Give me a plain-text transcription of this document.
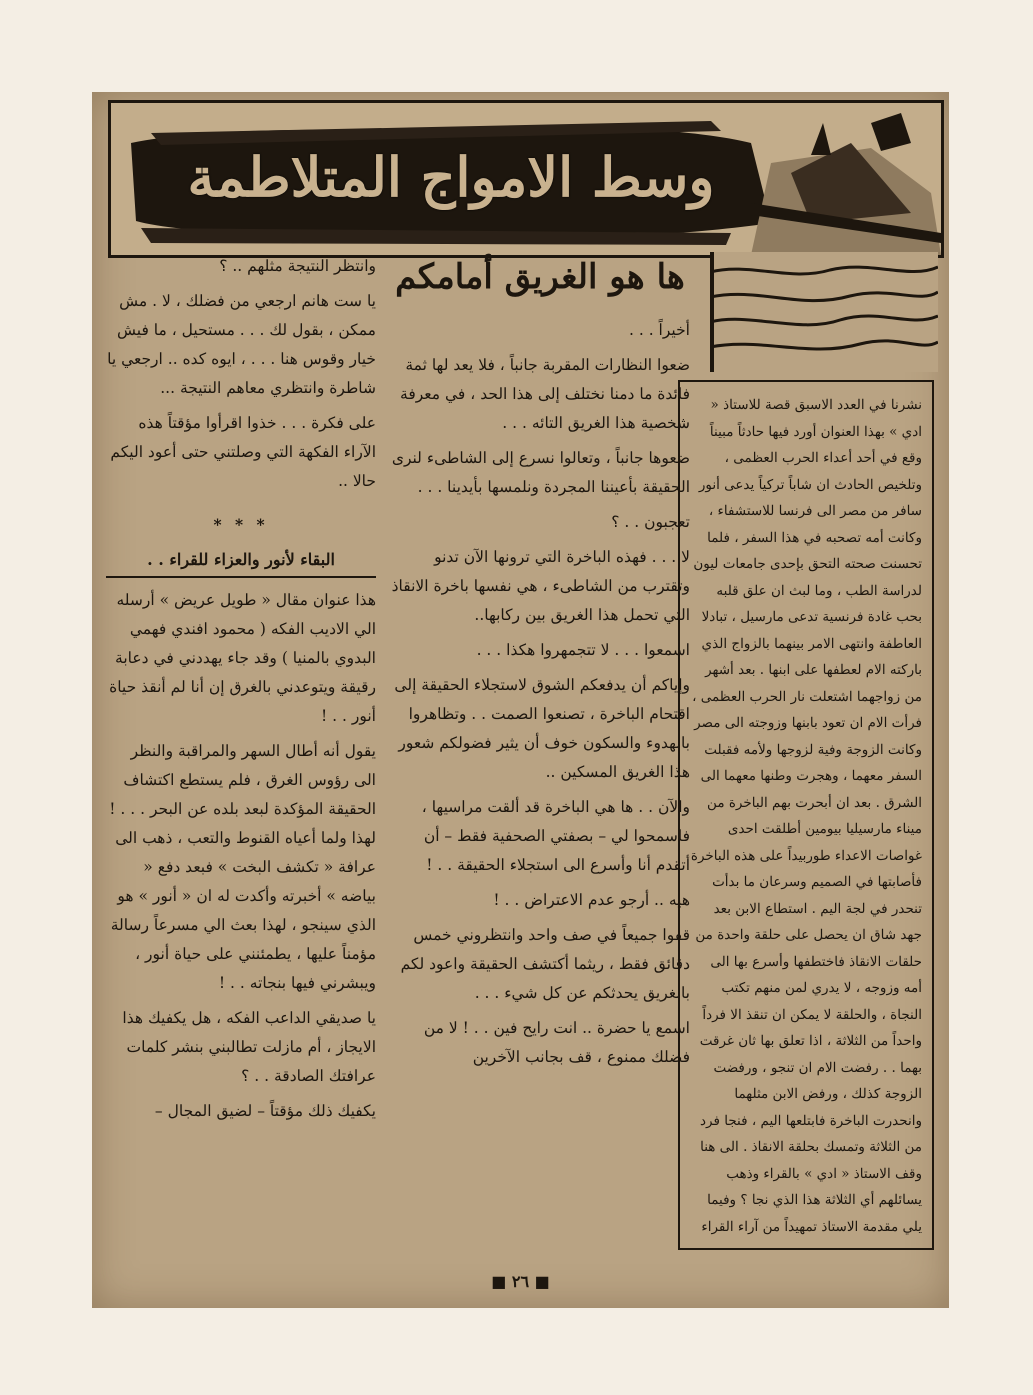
وسط الامواج المتلاطمة
ها هو الغريق أمامكم

أخيراً . . .

ضعوا النظارات المقربة جانباً ، فلا يعد لها ثمة فائدة ما دمنا نختلف إلى هذا الحد ، في معرفة شخصية هذا الغريق التائه . . .

ضعوها جانباً ، وتعالوا نسرع إلى الشاطىء لنرى الحقيقة بأعيننا المجردة ونلمسها بأيدينا . . .

تعجبون . . ؟

لا . . . فهذه الباخرة التي ترونها الآن تدنو وتقترب من الشاطىء ، هي نفسها باخرة الانقاذ التي تحمل هذا الغريق بين ركابها..

اسمعوا . . . لا تتجمهروا هكذا . . .

وإياكم أن يدفعكم الشوق لاستجلاء الحقيقة إلى اقتحام الباخرة ، تصنعوا الصمت . . وتظاهروا بالهدوء والسكون خوف أن يثير فضولكم شعور هذا الغريق المسكين ..

والآن . . ها هي الباخرة قد ألقت مراسيها ، فاسمحوا لي – بصفتي الصحفية فقط – أن أتقدم أنا وأسرع الى استجلاء الحقيقة . . !

هيه .. أرجو عدم الاعتراض . . !

قفوا جميعاً في صف واحد وانتظروني خمس دقائق فقط ، ريثما أكتشف الحقيقة واعود لكم بالغريق يحدثكم عن كل شيء . . .

اسمع يا حضرة .. انت رايح فين . . ! لا من فضلك ممنوع ، قف بجانب الآخرين

وانتظر النتيجة مثلهم .. ؟

يا ست هانم ارجعي من فضلك ، لا . مش ممكن ، بقول لك . . . مستحيل ، ما فيش خيار وقوس هنا . . . ، ايوه كده .. ارجعي يا شاطرة وانتظري معاهم النتيجة ...

على فكرة . . . خذوا اقرأوا مؤقتاً هذه الآراء الفكهة التي وصلتني حتى أعود اليكم حالا ..

* * *
البقاء لأنور والعزاء للقراء . .

هذا عنوان مقال « طويل عريض » أرسله الي الاديب الفكه ( محمود افندي فهمي البدوي بالمنيا ) وقد جاء يهددني في دعابة رقيقة ويتوعدني بالغرق إن أنا لم أنقذ حياة أنور . . !

يقول أنه أطال السهر والمراقبة والنظر الى رؤوس الغرق ، فلم يستطع اكتشاف الحقيقة المؤكدة لبعد بلده عن البحر . . . ! لهذا ولما أعياه القنوط والتعب ، ذهب الى عرافة « تكشف البخت » فبعد دفع « بياضه » أخبرته وأكدت له ان « أنور » هو الذي سينجو ، لهذا بعث الي مسرعاً رسالة مؤمناً عليها ، يطمئنني على حياة أنور ، ويبشرني فيها بنجاته . . !

يا صديقي الداعب الفكه ، هل يكفيك هذا الايجاز ، أم مازلت تطالبني بنشر كلمات عرافتك الصادقة . . ؟

يكفيك ذلك مؤقتاً – لضيق المجال –

نشرنا في العدد الاسبق قصة للاستاذ « ادي » بهذا العنوان أورد فيها حادثاً مبيناً وقع في أحد أعداء الحرب العظمى ، وتلخيص الحادث ان شاباً تركياً يدعى أنور سافر من مصر الى فرنسا للاستشفاء ، وكانت أمه تصحبه في هذا السفر ، فلما تحسنت صحته التحق بإحدى جامعات ليون لدراسة الطب ، وما لبث ان علق قلبه بحب غادة فرنسية تدعى مارسيل ، تبادلا العاطفة وانتهى الامر بينهما بالزواج الذي باركته الام لعطفها على ابنها . بعد أشهر من زواجهما اشتعلت نار الحرب العظمى ، فرأت الام ان تعود بابنها وزوجته الى مصر وكانت الزوجة وفية لزوجها ولأمه فقبلت السفر معهما ، وهجرت وطنها معهما الى الشرق . بعد ان أبحرت بهم الباخرة من ميناء مارسيليا بيومين أطلقت احدى غواصات الاعداء طوربيداً على هذه الباخرة فأصابتها في الصميم وسرعان ما بدأت تنحدر في لجة اليم . استطاع الابن بعد جهد شاق ان يحصل على حلقة واحدة من حلقات الانقاذ فاختطفها وأسرع بها الى أمه وزوجه ، لا يدري لمن منهم تكتب النجاة ، والحلقة لا يمكن ان تنقذ الا فرداً واحداً من الثلاثة ، اذا تعلق بها ثان غرقت بهما . . رفضت الام ان تنجو ، ورفضت الزوجة كذلك ، ورفض الابن مثلهما وانحدرت الباخرة فابتلعها اليم ، فنجا فرد من الثلاثة وتمسك بحلقة الانقاذ . الى هنا وقف الاستاذ « ادي » بالقراء وذهب يسائلهم أي الثلاثة هذا الذي نجا ؟ وفيما يلي مقدمة الاستاذ تمهيداً من آراء القراء

■ ٢٦ ■
